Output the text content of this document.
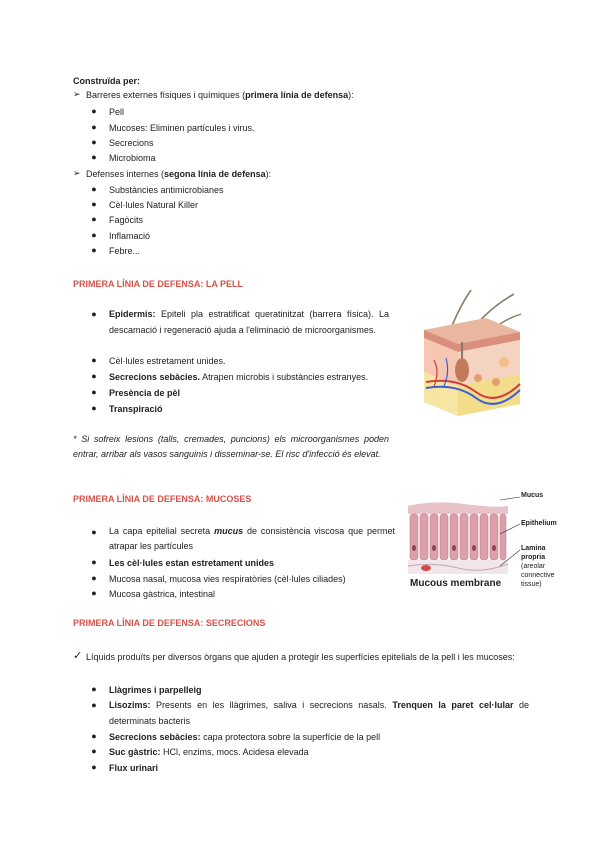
Construïda per:
➢ Barreres externes físiques i químiques (primera línia de defensa):
● Pell
● Mucoses: Eliminen partícules i virus.
● Secrecions
● Microbioma
➢ Defenses internes (segona línia de defensa):
● Substàncies antimicrobianes
● Cèl·lules Natural Killer
● Fagòcits
● Inflamació
● Febre...
PRIMERA LÍNIA DE DEFENSA: LA PELL
● Epidermis: Epiteli pla estratificat queratinitzat (barrera física). La descamació i regeneració ajuda a l'eliminació de microorganismes.
● Cèl·lules estretament unides.
● Secrecions sebàcies. Atrapen microbis i substàncies estranyes.
● Presència de pèl
● Transpiració
* Si sofreix lesions (talls, cremades, puncions) els microorganismes poden entrar, arribar als vasos sanguinis i disseminar-se. El risc d'infecció és elevat.
PRIMERA LÍNIA DE DEFENSA: MUCOSES
● La capa epitelial secreta mucus de consistència viscosa que permet atrapar les partícules
● Les cèl·lules estan estretament unides
● Mucosa nasal, mucosa vies respiratòries (cèl·lules ciliades)
● Mucosa gàstrica, intestinal
Mucus
Epithelium
Lamina
propria
(areolar
connective
tissue)
Mucous membrane
PRIMERA LÍNIA DE DEFENSA: SECRECIONS
✓ Líquids produïts per diversos òrgans que ajuden a protegir les superfícies epitelials de la pell i les mucoses:
● Llàgrimes i parpelleig
● Lisozims: Presents en les llàgrimes, saliva i secrecions nasals. Trenquen la paret cel·lular de determinats bacteris
● Secrecions sebàcies: capa protectora sobre la superfície de la pell
● Suc gàstric: HCl, enzims, mocs. Acidesa elevada
● Flux urinari
